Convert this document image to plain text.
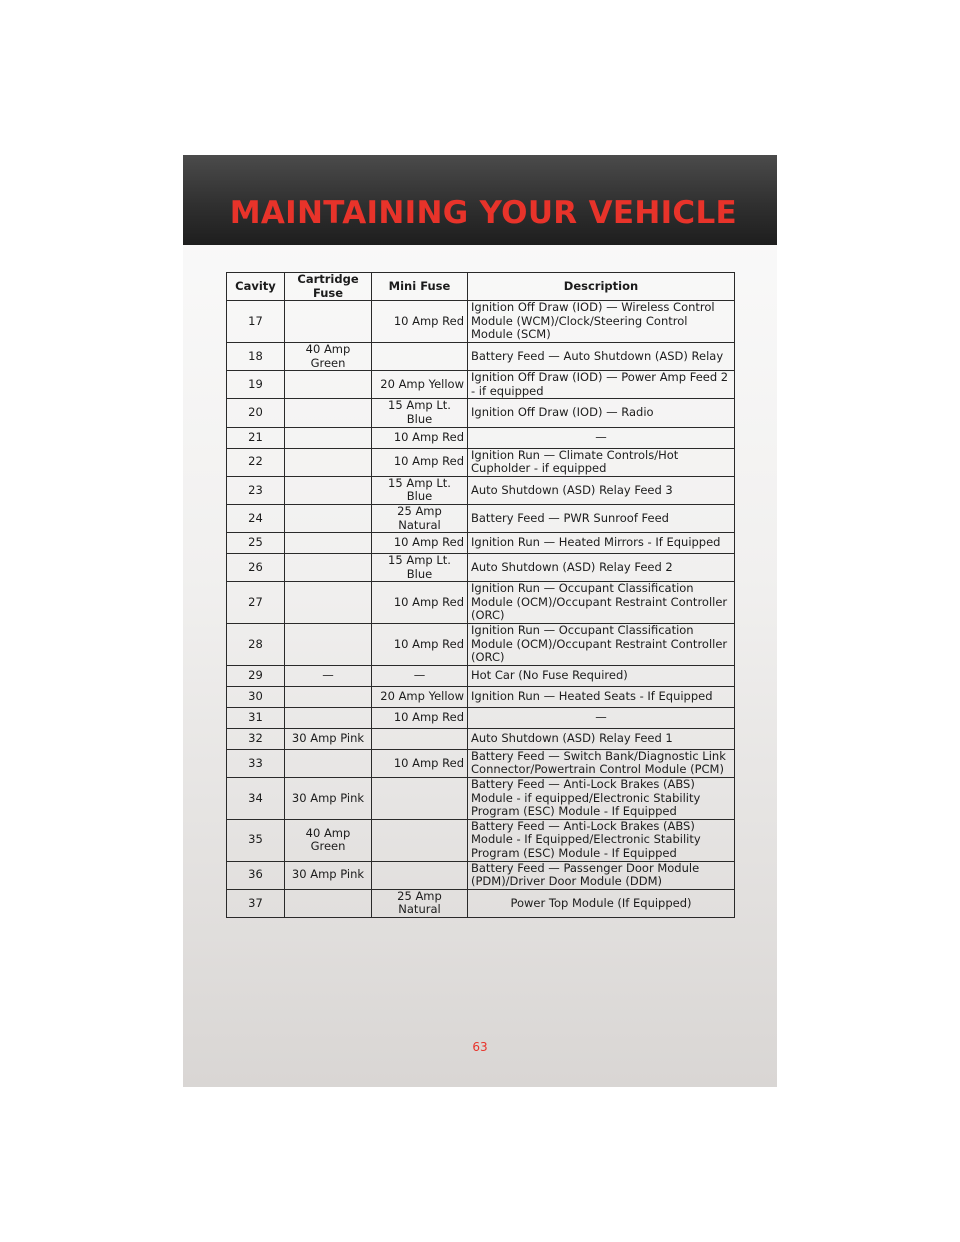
MAINTAINING YOUR VEHICLE
Cavity	Cartridge Fuse	Mini Fuse	Description
17		10 Amp Red	Ignition Off Draw (IOD) — Wireless Control Module (WCM)/Clock/Steering Control Module (SCM)
18	40 Amp Green		Battery Feed — Auto Shutdown (ASD) Relay
19		20 Amp Yellow	Ignition Off Draw (IOD) — Power Amp Feed 2 - if equipped
20		15 Amp Lt. Blue	Ignition Off Draw (IOD) — Radio
21		10 Amp Red	—
22		10 Amp Red	Ignition Run — Climate Controls/Hot Cupholder - if equipped
23		15 Amp Lt. Blue	Auto Shutdown (ASD) Relay Feed 3
24		25 Amp Natural	Battery Feed — PWR Sunroof Feed
25		10 Amp Red	Ignition Run — Heated Mirrors - If Equipped
26		15 Amp Lt. Blue	Auto Shutdown (ASD) Relay Feed 2
27		10 Amp Red	Ignition Run — Occupant Classification Module (OCM)/Occupant Restraint Controller (ORC)
28		10 Amp Red	Ignition Run — Occupant Classification Module (OCM)/Occupant Restraint Controller (ORC)
29	—	—	Hot Car (No Fuse Required)
30		20 Amp Yellow	Ignition Run — Heated Seats - If Equipped
31		10 Amp Red	—
32	30 Amp Pink		Auto Shutdown (ASD) Relay Feed 1
33		10 Amp Red	Battery Feed — Switch Bank/Diagnostic Link Connector/Powertrain Control Module (PCM)
34	30 Amp Pink		Battery Feed — Anti-Lock Brakes (ABS) Module - if equipped/Electronic Stability Program (ESC) Module - If Equipped
35	40 Amp Green		Battery Feed — Anti-Lock Brakes (ABS) Module - If Equipped/Electronic Stability Program (ESC) Module - If Equipped
36	30 Amp Pink		Battery Feed — Passenger Door Module (PDM)/Driver Door Module (DDM)
37		25 Amp Natural	Power Top Module (If Equipped)
63
